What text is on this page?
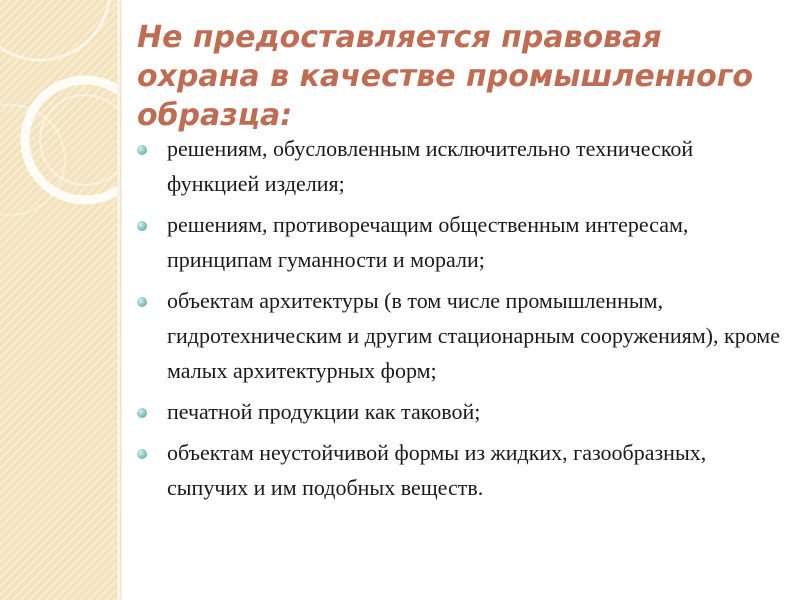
Не предоставляется правовая охрана в качестве промышленного образца:
решениям, обусловленным исключительно технической функцией изделия;
решениям, противоречащим общественным интересам, принципам гуманности и морали;
объектам архитектуры (в том числе промышленным, гидротехническим и другим стационарным сооружениям), кроме малых архитектурных форм;
печатной продукции как таковой;
объектам неустойчивой формы из жидких, газообразных, сыпучих и им подобных веществ.
